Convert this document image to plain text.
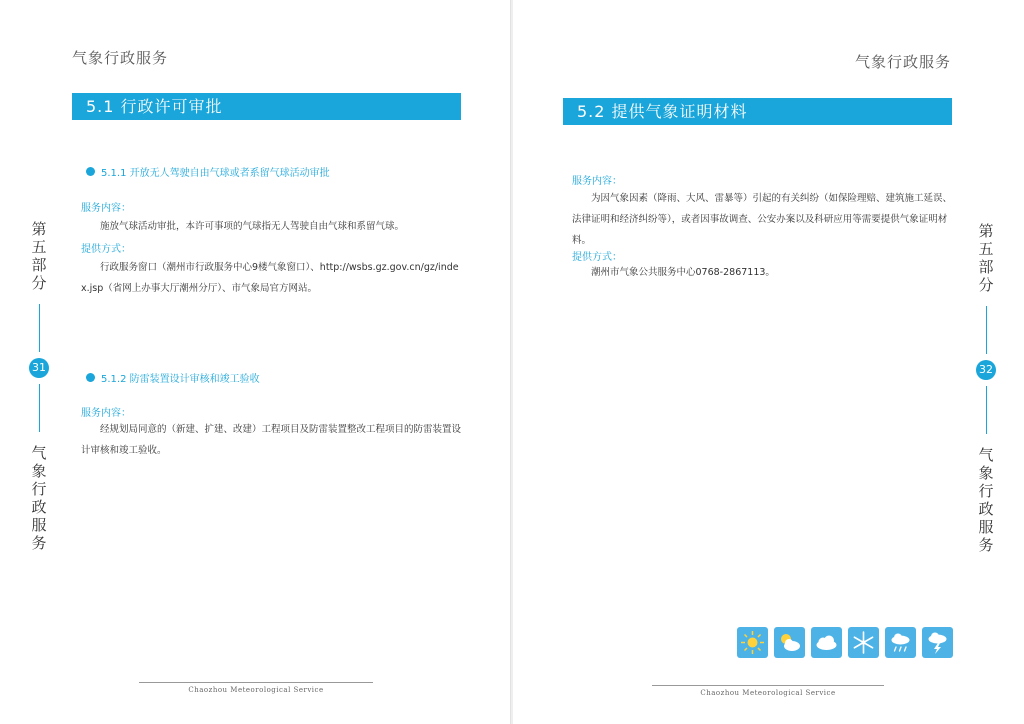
气象行政服务
5.1 行政许可审批
5.1.1 开放无人驾驶自由气球或者系留气球活动审批
服务内容：
施放气球活动审批，本许可事项的气球指无人驾驶自由气球和系留气球。
提供方式：
行政服务窗口（潮州市行政服务中心9楼气象窗口）、http://wsbs.gz.gov.cn/gz/index.jsp（省网上办事大厅潮州分厅）、市气象局官方网站。
5.1.2 防雷装置设计审核和竣工验收
服务内容：
经规划局同意的（新建、扩建、改建）工程项目及防雷装置整改工程项目的防雷装置设计审核和竣工验收。
第五部分
31
气象行政服务
Chaozhou Meteorological Service
气象行政服务
5.2 提供气象证明材料
服务内容：
为因气象因素（降雨、大风、雷暴等）引起的有关纠纷（如保险理赔、建筑施工延误、法律证明和经济纠纷等），或者因事故调查、公安办案以及科研应用等需要提供气象证明材料。
提供方式：
潮州市气象公共服务中心0768-2867113。
第五部分
32
气象行政服务
Chaozhou Meteorological Service
